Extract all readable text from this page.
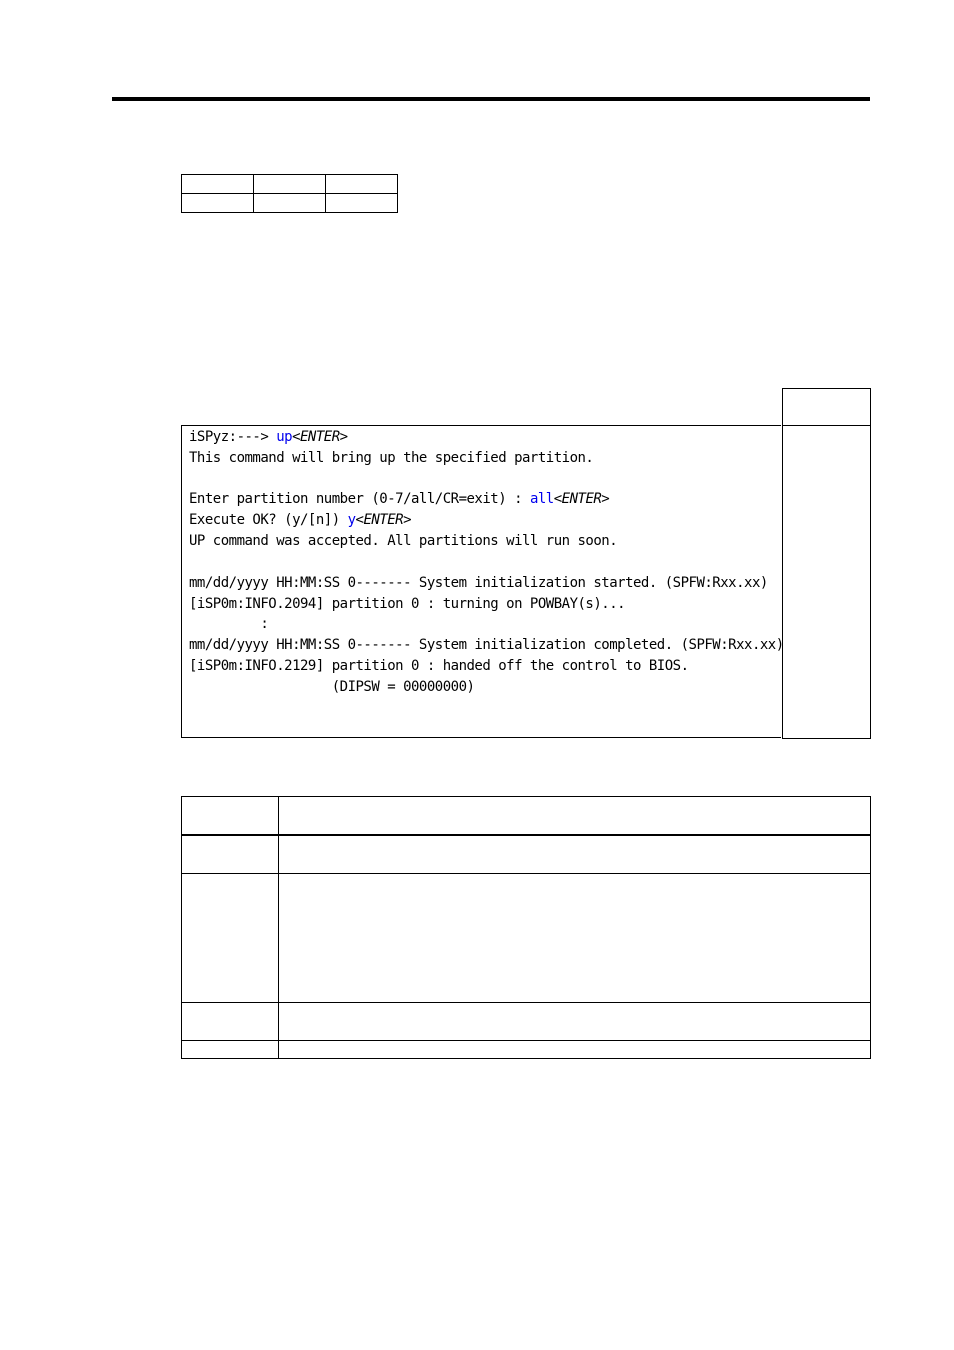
iSPyz:---> up<ENTER>
This command will bring up the specified partition.
Enter partition number (0-7/all/CR=exit) : all<ENTER>
Execute OK? (y/[n]) y<ENTER>
UP command was accepted. All partitions will run soon.
mm/dd/yyyy HH:MM:SS 0------- System initialization started. (SPFW:Rxx.xx)
[iSP0m:INFO.2094] partition 0 : turning on POWBAY(s)...
:
mm/dd/yyyy HH:MM:SS 0------- System initialization completed. (SPFW:Rxx.xx)
[iSP0m:INFO.2129] partition 0 : handed off the control to BIOS.
(DIPSW = 00000000)
